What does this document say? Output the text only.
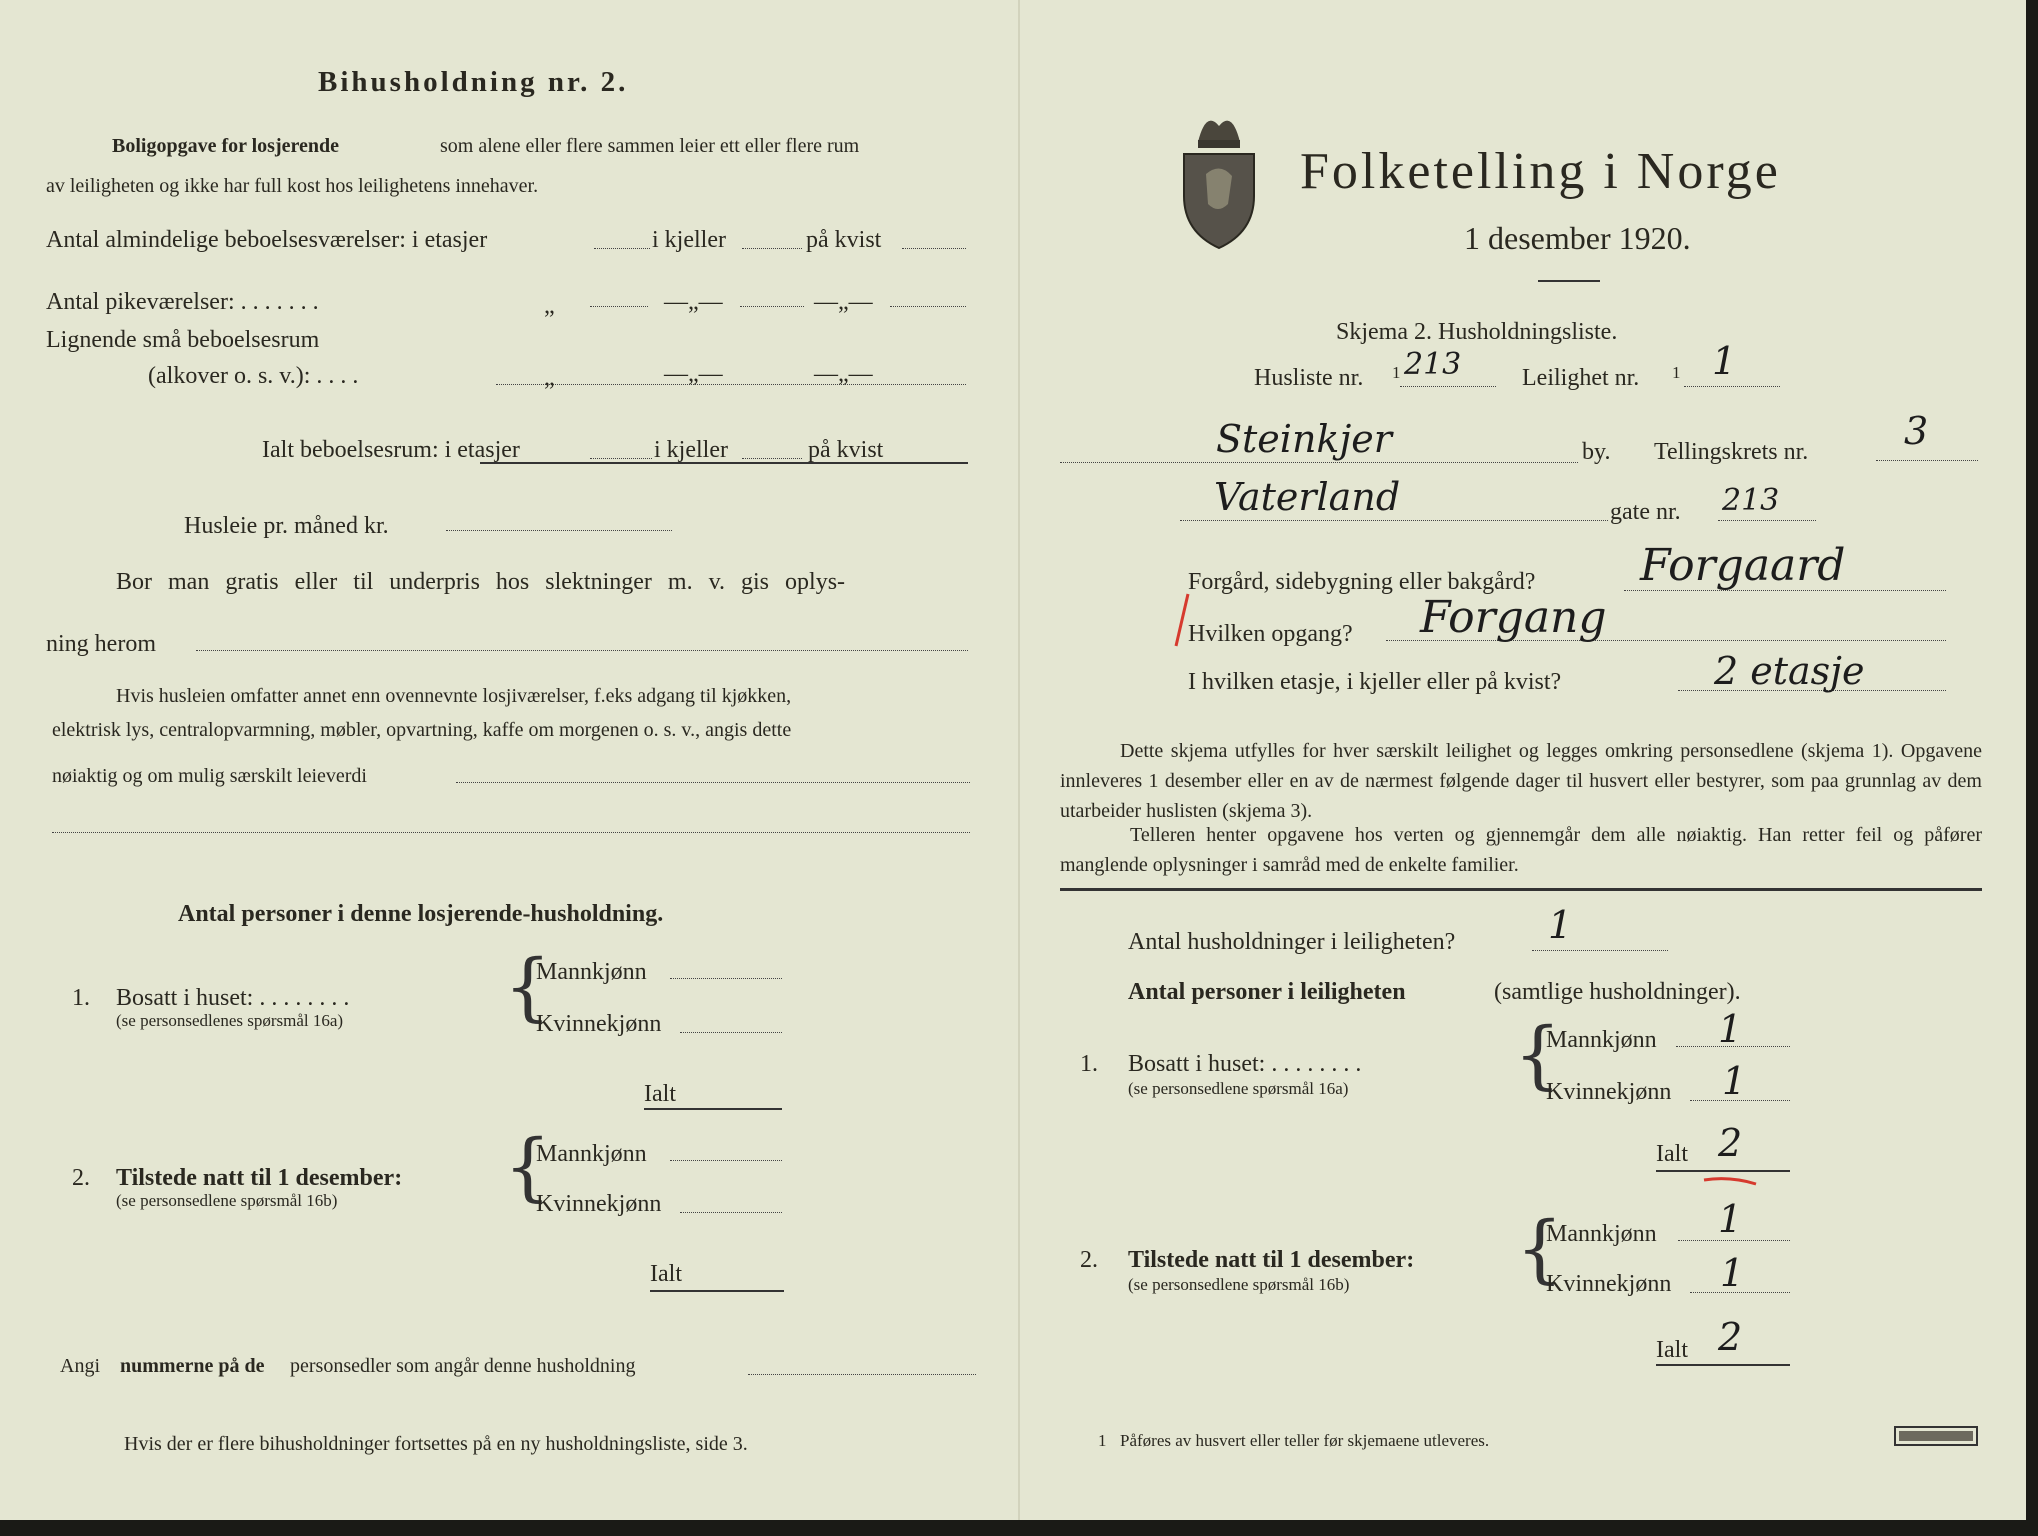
Bihusholdning nr. 2.
Boligopgave for losjerende	som alene eller flere sammen leier ett eller flere rum
av leiligheten og ikke har full kost hos leilighetens innehaver.
Antal almindelige beboelsesværelser: i etasjer	i kjeller	på kvist
Antal pikeværelser: . . . . . . .	„	—„—	—„—
Lignende små beboelsesrum
(alkover o. s. v.): . . . .	„	—„—	—„—
Ialt beboelsesrum: i etasjer	i kjeller	på kvist
Husleie pr. måned kr.
Bor man gratis eller til underpris hos slektninger m. v. gis oplys-
ning herom
Hvis husleien omfatter annet enn ovennevnte losjiværelser, f.eks adgang til kjøkken,
elektrisk lys, centralopvarmning, møbler, opvartning, kaffe om morgenen o. s. v., angis dette
nøiaktig og om mulig særskilt leieverdi
Antal personer i denne losjerende-husholdning.
1. Bosatt i huset: . . . . . . . .
(se personsedlenes spørsmål 16a) {
Mannkjønn
Kvinnekjønn
Ialt
2. Tilstede natt til 1 desember:
(se personsedlene spørsmål 16b) {
Mannkjønn
Kvinnekjønn
Ialt
Angi nummerne på de personsedler som angår denne husholdning
Hvis der er flere bihusholdninger fortsettes på en ny husholdningsliste, side 3.
Folketelling i Norge
1 desember 1920.
Skjema 2. Husholdningsliste.
Husliste nr. 1 213	Leilighet nr. 1 1
Steinkjer	by. Tellingskrets nr.	3
Vaterland	gate nr. 213
Forgård, sidebygning eller bakgård? Forgaard
Hvilken opgang? Forgang
I hvilken etasje, i kjeller eller på kvist?	2 etasje
Dette skjema utfylles for hver særskilt leilighet og legges omkring personsedlene (skjema 1). Opgavene innleveres 1 desember eller en av de nærmest følgende dager til husvert eller bestyrer, som paa grunnlag av dem utarbeider huslisten (skjema 3).
Telleren henter opgavene hos verten og gjennemgår dem alle nøiaktig. Han retter feil og påfører manglende oplysninger i samråd med de enkelte familier.
Antal husholdninger i leiligheten? 1
Antal personer i leiligheten	(samtlige husholdninger).
1. Bosatt i huset: . . . . . . . .
(se personsedlene spørsmål 16a) {
Mannkjønn 1
Kvinnekjønn 1
Ialt 2
2. Tilstede natt til 1 desember:
(se personsedlene spørsmål 16b) {
Mannkjønn 1
Kvinnekjønn 1
Ialt 2
1 Påføres av husvert eller teller før skjemaene utleveres.
